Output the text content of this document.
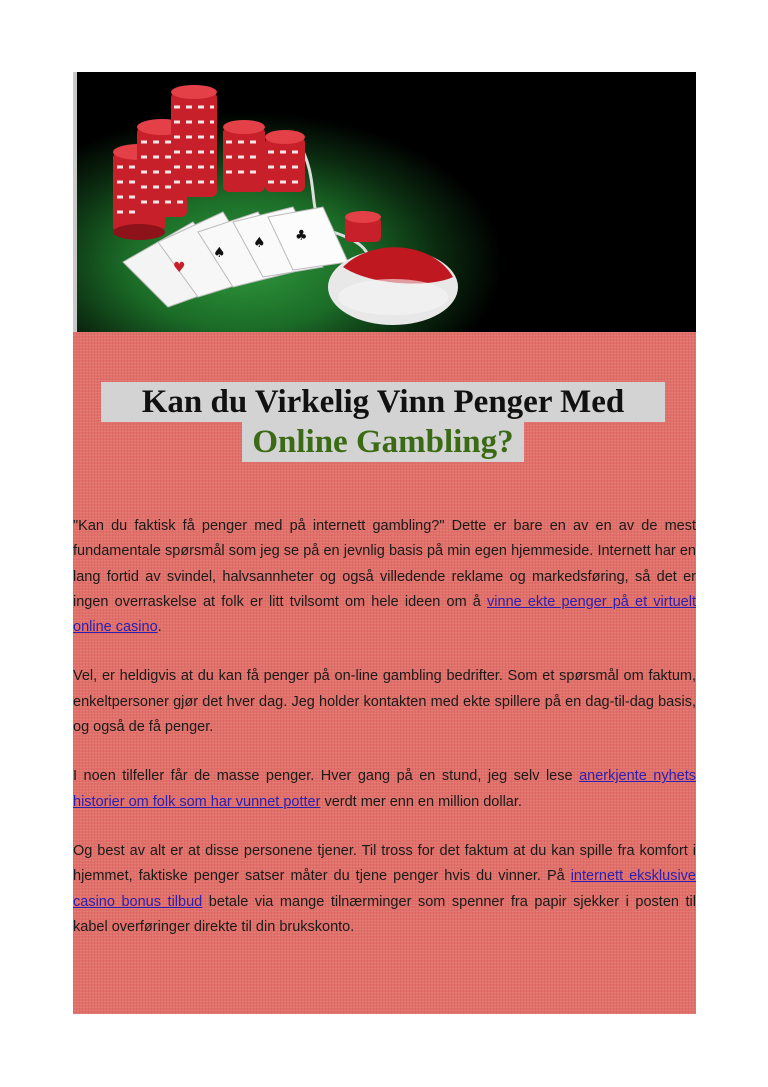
♥
♠
♠ ♣
Kan du Virkelig Vinn Penger Med
Online Gambling?

"Kan du faktisk få penger med på internett gambling?" Dette er bare en av en av de mest fundamentale spørsmål som jeg se på en jevnlig basis på min egen hjemmeside. Internett har en lang fortid av svindel, halvsannheter og også villedende reklame og markedsføring, så det er ingen overraskelse at folk er litt tvilsomt om hele ideen om å vinne ekte penger på et virtuelt online casino.

Vel, er heldigvis at du kan få penger på on-line gambling bedrifter. Som et spørsmål om faktum, enkeltpersoner gjør det hver dag. Jeg holder kontakten med ekte spillere på en dag-til-dag basis, og også de få penger.

I noen tilfeller får de masse penger. Hver gang på en stund, jeg selv lese anerkjente nyhets historier om folk som har vunnet potter verdt mer enn en million dollar.

Og best av alt er at disse personene tjener. Til tross for det faktum at du kan spille fra komfort i hjemmet, faktiske penger satser måter du tjene penger hvis du vinner. På internett eksklusive casino bonus tilbud betale via mange tilnærminger som spenner fra papir sjekker i posten til kabel overføringer direkte til din brukskonto.
